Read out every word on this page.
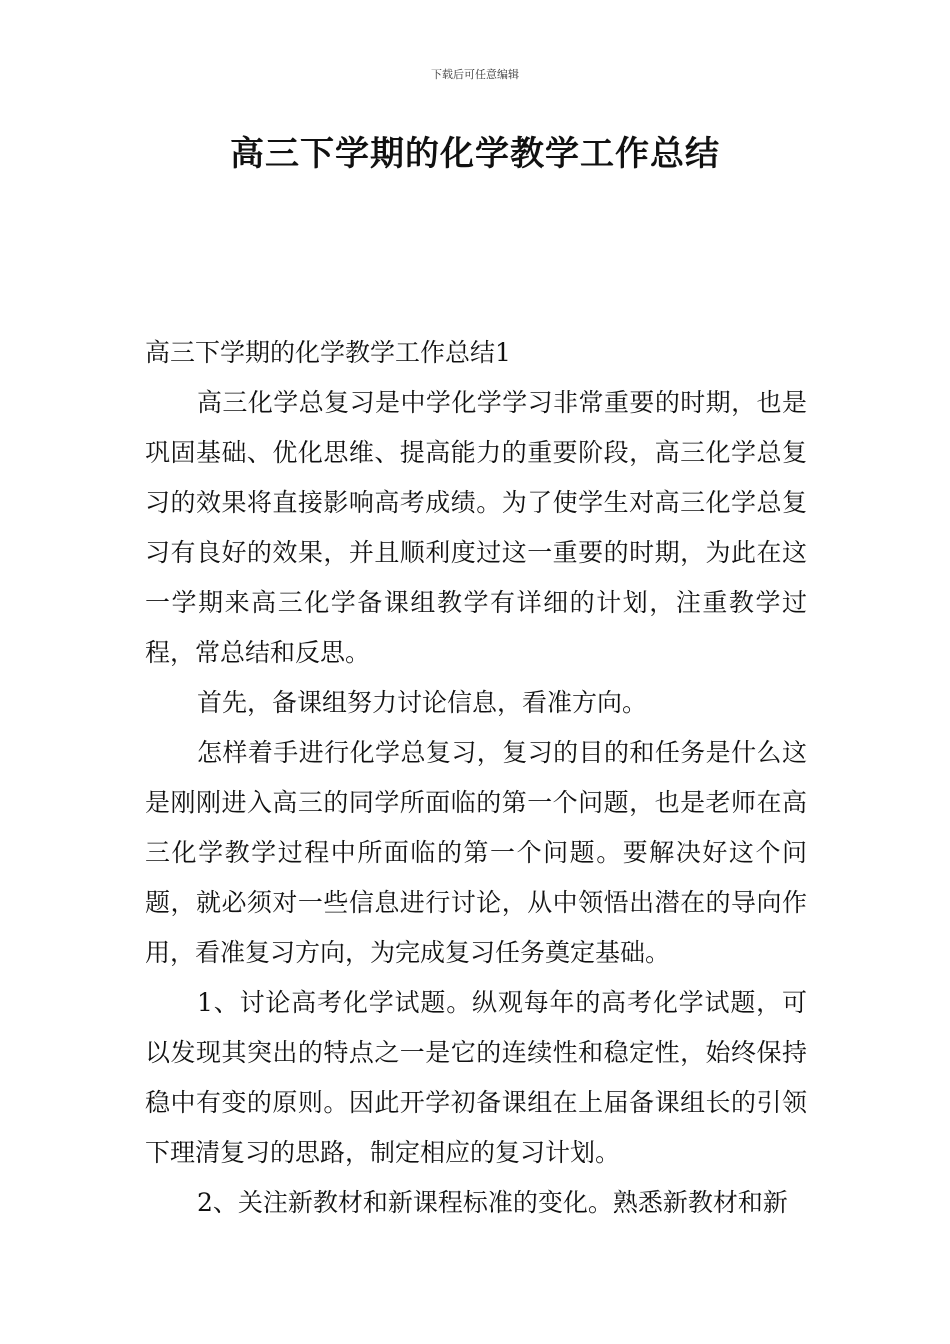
下载后可任意编辑
高三下学期的化学教学工作总结

高三下学期的化学教学工作总结1

高三化学总复习是中学化学学习非常重要的时期，也是巩固基础、优化思维、提高能力的重要阶段，高三化学总复习的效果将直接影响高考成绩。为了使学生对高三化学总复习有良好的效果，并且顺利度过这一重要的时期，为此在这一学期来高三化学备课组教学有详细的计划，注重教学过程，常总结和反思。

首先，备课组努力讨论信息，看准方向。

怎样着手进行化学总复习，复习的目的和任务是什么这是刚刚进入高三的同学所面临的第一个问题，也是老师在高三化学教学过程中所面临的第一个问题。要解决好这个问题，就必须对一些信息进行讨论，从中领悟出潜在的导向作用，看准复习方向，为完成复习任务奠定基础。

1、讨论高考化学试题。纵观每年的高考化学试题，可以发现其突出的特点之一是它的连续性和稳定性，始终保持稳中有变的原则。因此开学初备课组在上届备课组长的引领下理清复习的思路，制定相应的复习计划。

2、关注新教材和新课程标准的变化。熟悉新教材和新
